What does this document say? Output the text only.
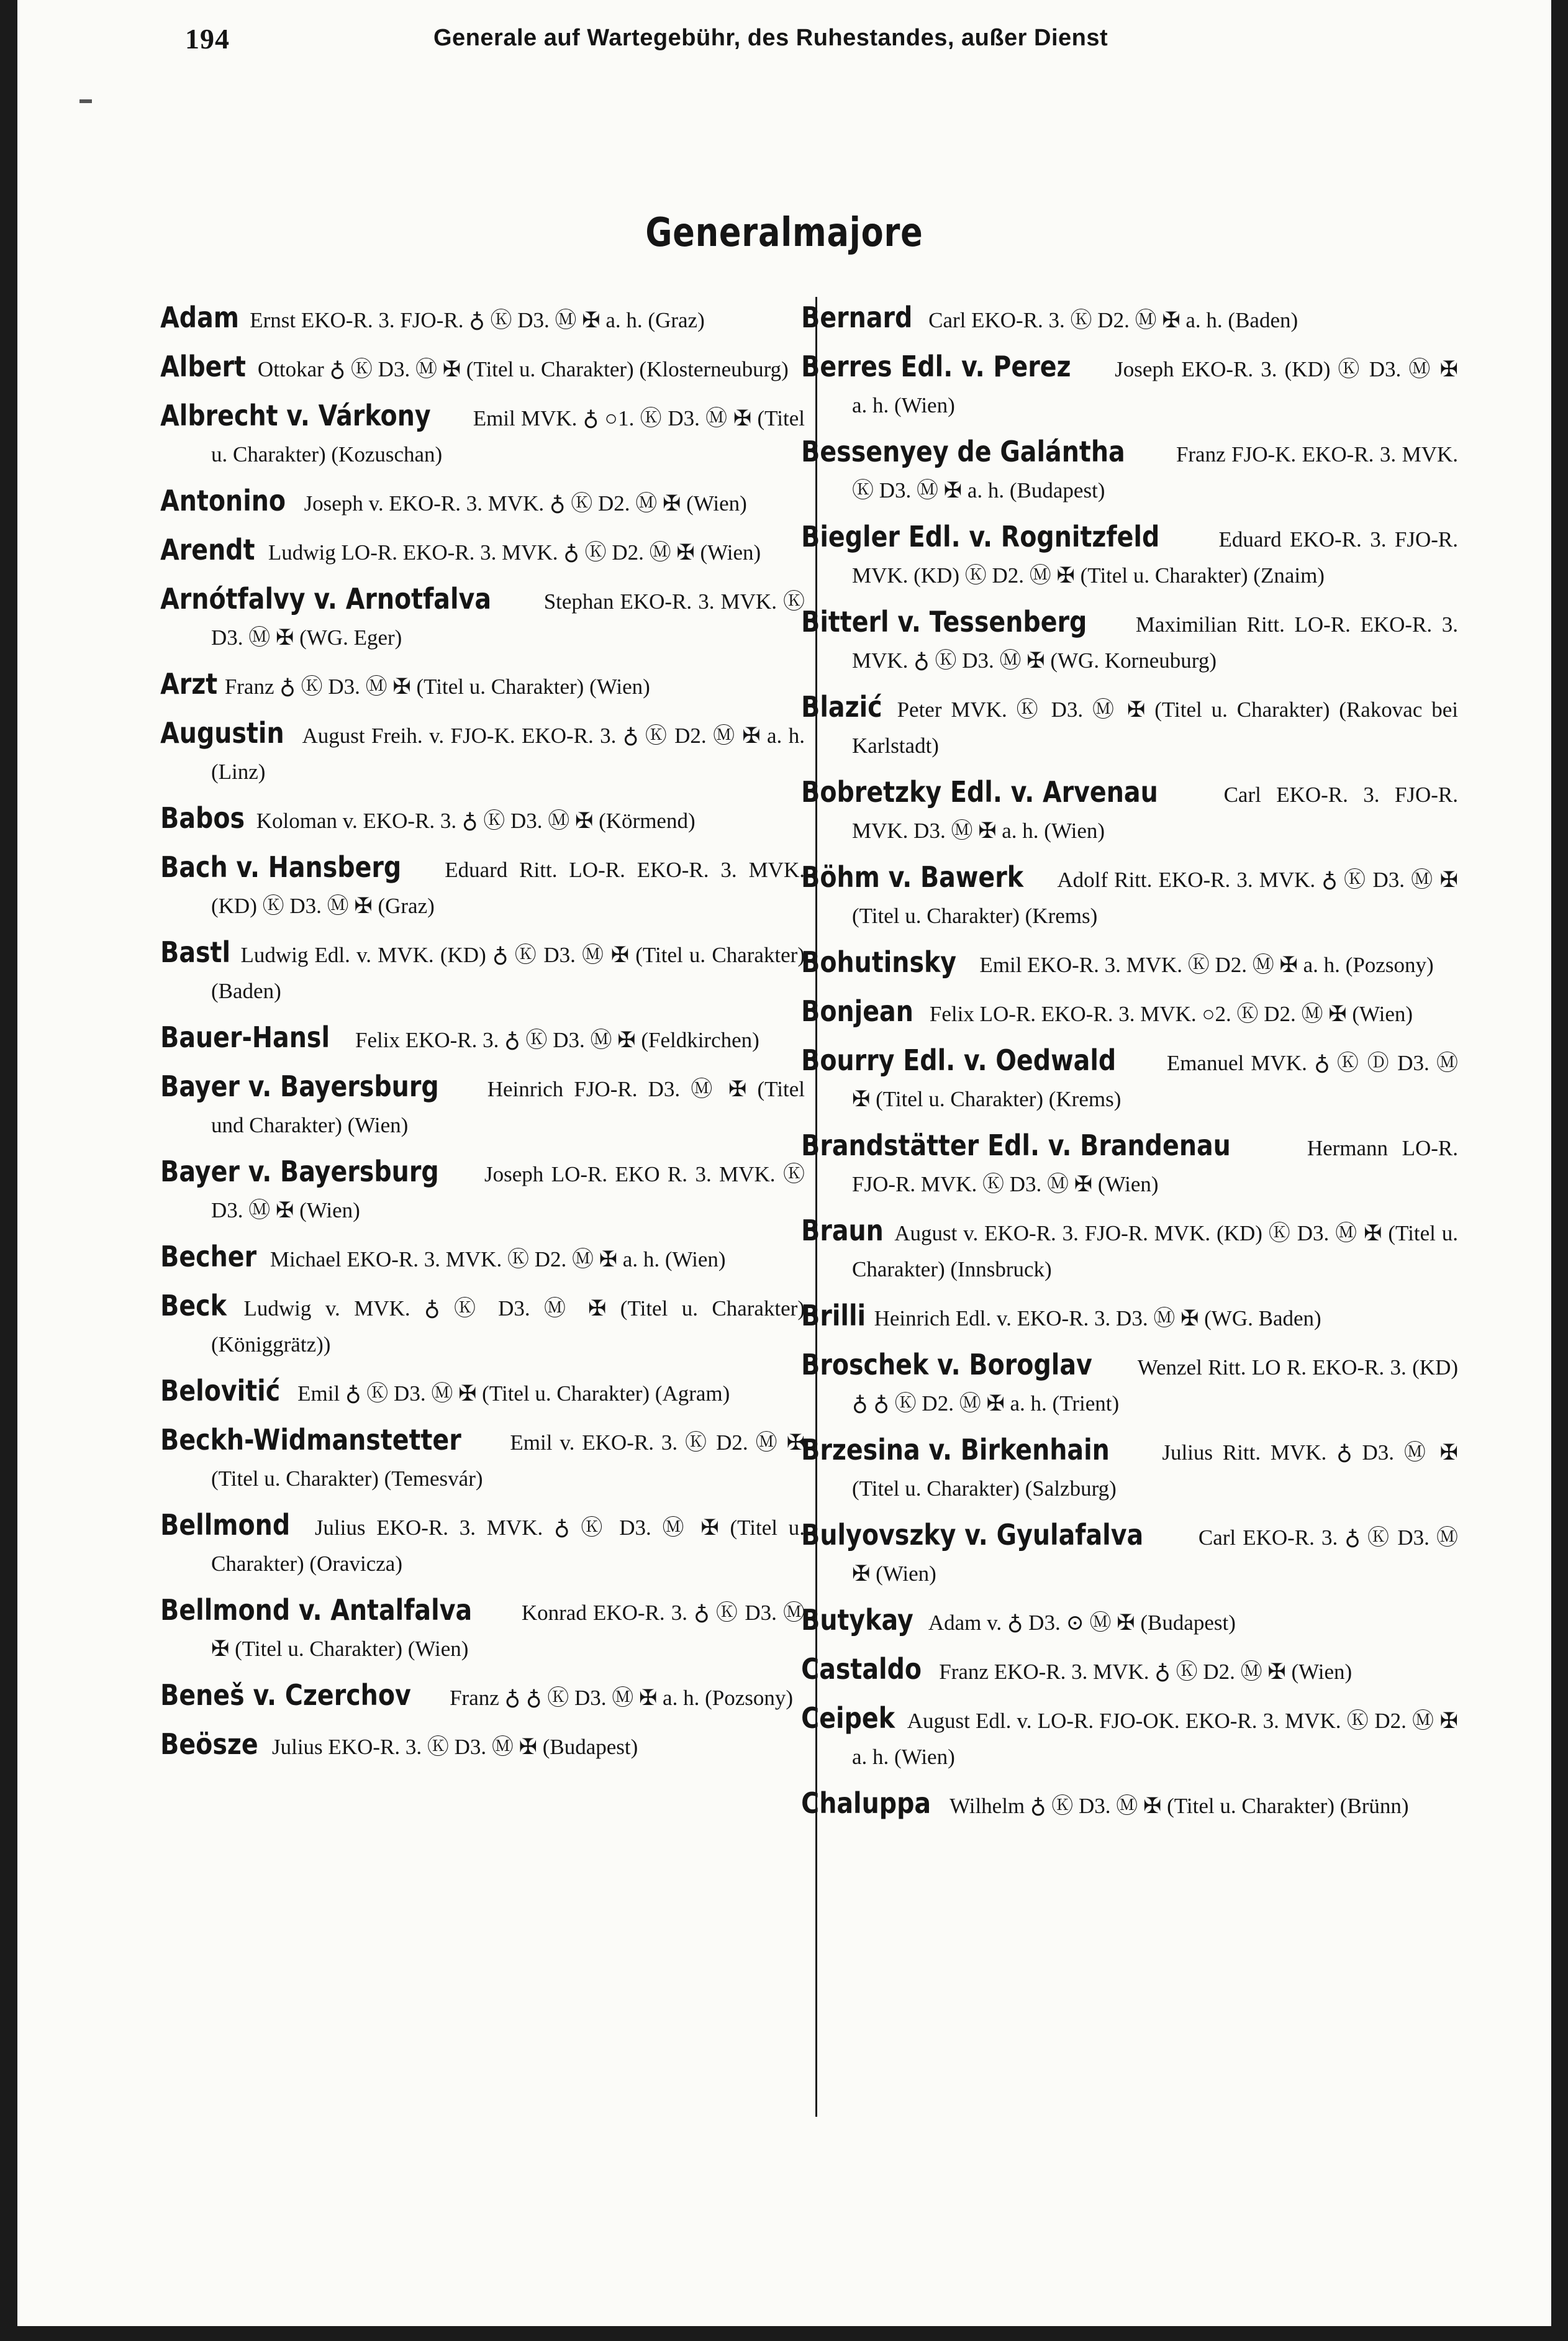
194	Generale auf Wartegebühr, des Ruhestandes, außer Dienst
Generalmajore
Adam Ernst EKO-R. 3. FJO-R. ♁ Ⓚ D3. Ⓜ ✠ a. h. (Graz)
Albert Ottokar ♁ Ⓚ D3. Ⓜ ✠ (Titel u. Charakter) (Klosterneuburg)
Albrecht v. Várkony Emil MVK. ♁ ○1. Ⓚ D3. Ⓜ ✠ (Titel u. Charakter) (Kozuschan)
Antonino Joseph v. EKO-R. 3. MVK. ♁ Ⓚ D2. Ⓜ ✠ (Wien)
Arendt Ludwig LO-R. EKO-R. 3. MVK. ♁ Ⓚ D2. Ⓜ ✠ (Wien)
Arnótfalvy v. Arnotfalva Stephan EKO-R. 3. MVK. Ⓚ D3. Ⓜ ✠ (WG. Eger)
Arzt Franz ♁ Ⓚ D3. Ⓜ ✠ (Titel u. Charakter) (Wien)
Augustin August Freih. v. FJO-K. EKO-R. 3. ♁ Ⓚ D2. Ⓜ ✠ a. h. (Linz)
Babos Koloman v. EKO-R. 3. ♁ Ⓚ D3. Ⓜ ✠ (Körmend)
Bach v. Hansberg Eduard Ritt. LO-R. EKO-R. 3. MVK. (KD) Ⓚ D3. Ⓜ ✠ (Graz)
Bastl Ludwig Edl. v. MVK. (KD) ♁ Ⓚ D3. Ⓜ ✠ (Titel u. Charakter) (Baden)
Bauer-Hansl Felix EKO-R. 3. ♁ Ⓚ D3. Ⓜ ✠ (Feldkirchen)
Bayer v. Bayersburg Heinrich FJO-R. D3. Ⓜ ✠ (Titel und Charakter) (Wien)
Bayer v. Bayersburg Joseph LO-R. EKO R. 3. MVK. Ⓚ D3. Ⓜ ✠ (Wien)
Becher Michael EKO-R. 3. MVK. Ⓚ D2. Ⓜ ✠ a. h. (Wien)
Beck Ludwig v. MVK. ♁ Ⓚ D3. Ⓜ ✠ (Titel u. Charakter) (Königgrätz))
Belovitić Emil ♁ Ⓚ D3. Ⓜ ✠ (Titel u. Charakter) (Agram)
Beckh-Widmanstetter Emil v. EKO-R. 3. Ⓚ D2. Ⓜ ✠ (Titel u. Charakter) (Temesvár)
Bellmond Julius EKO-R. 3. MVK. ♁ Ⓚ D3. Ⓜ ✠ (Titel u. Charakter) (Oravicza)
Bellmond v. Antalfalva Konrad EKO-R. 3. ♁ Ⓚ D3. Ⓜ ✠ (Titel u. Charakter) (Wien)
Beneš v. Czerchov Franz ♁ ♁ Ⓚ D3. Ⓜ ✠ a. h. (Pozsony)
Beösze Julius EKO-R. 3. Ⓚ D3. Ⓜ ✠ (Budapest)
Bernard Carl EKO-R. 3. Ⓚ D2. Ⓜ ✠ a. h. (Baden)
Berres Edl. v. Perez Joseph EKO-R. 3. (KD) Ⓚ D3. Ⓜ ✠ a. h. (Wien)
Bessenyey de Galántha Franz FJO-K. EKO-R. 3. MVK. Ⓚ D3. Ⓜ ✠ a. h. (Budapest)
Biegler Edl. v. Rognitzfeld	Eduard EKO-R. 3. FJO-R. MVK. (KD) Ⓚ D2. Ⓜ ✠ (Titel u. Charakter) (Znaim)
Bitterl v. Tessenberg Maximilian Ritt. LO-R. EKO-R. 3. MVK. ♁ Ⓚ D3. Ⓜ ✠ (WG. Korneuburg)
Blazić Peter MVK. Ⓚ D3. Ⓜ ✠ (Titel u. Charakter) (Rakovac bei Karlstadt)
Bobretzky Edl. v. Arvenau	Carl EKO-R. 3. FJO-R. MVK. D3. Ⓜ ✠ a. h. (Wien)
Böhm v. Bawerk Adolf Ritt. EKO-R. 3. MVK. ♁ Ⓚ D3. Ⓜ ✠ (Titel u. Charakter) (Krems)
Bohutinsky Emil EKO-R. 3. MVK. Ⓚ D2. Ⓜ ✠ a. h. (Pozsony)
Bonjean Felix LO-R. EKO-R. 3. MVK. ○2. Ⓚ D2. Ⓜ ✠ (Wien)
Bourry Edl. v. Oedwald Emanuel MVK. ♁ Ⓚ Ⓓ D3. Ⓜ ✠ (Titel u. Charakter) (Krems)
Brandstätter Edl. v. Brandenau	Hermann LO-R. FJO-R. MVK. Ⓚ D3. Ⓜ ✠ (Wien)
Braun August v. EKO-R. 3. FJO-R. MVK. (KD) Ⓚ D3. Ⓜ ✠ (Titel u. Charakter) (Innsbruck)
Brilli Heinrich Edl. v. EKO-R. 3. D3. Ⓜ ✠ (WG. Baden)
Broschek v. Boroglav Wenzel Ritt. LO R. EKO-R. 3. (KD) ♁ ♁ Ⓚ D2. Ⓜ ✠ a. h. (Trient)
Brzesina v. Birkenhain Julius Ritt. MVK. ♁ D3. Ⓜ ✠ (Titel u. Charakter) (Salzburg)
Bulyovszky v. Gyulafalva	Carl EKO-R. 3. ♁ Ⓚ D3. Ⓜ ✠ (Wien)
Butykay Adam v. ♁ D3. ⊙ Ⓜ ✠ (Budapest)
Castaldo Franz EKO-R. 3. MVK. ♁ Ⓚ D2. Ⓜ ✠ (Wien)
Ceipek August Edl. v. LO-R. FJO-OK. EKO-R. 3. MVK. Ⓚ D2. Ⓜ ✠ a. h. (Wien)
Chaluppa Wilhelm ♁ Ⓚ D3. Ⓜ ✠ (Titel u. Charakter) (Brünn)
